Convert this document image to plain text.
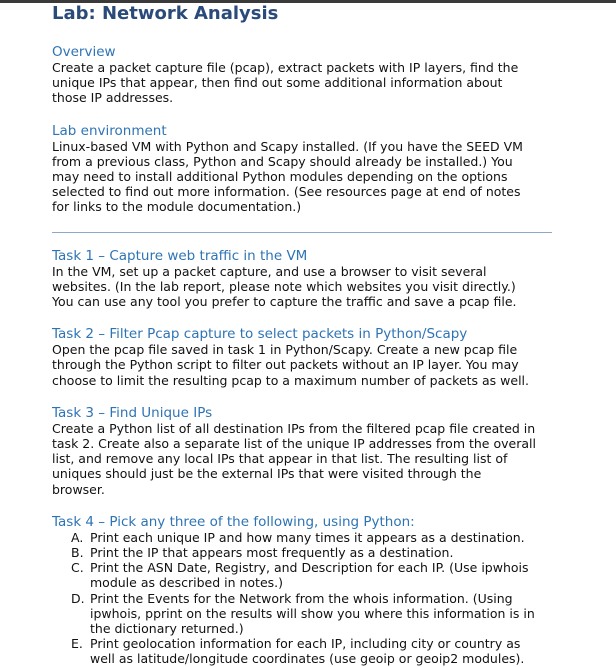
Lab: Network Analysis
Overview
Create a packet capture file (pcap), extract packets with IP layers, find the
unique IPs that appear, then find out some additional information about
those IP addresses.
Lab environment
Linux-based VM with Python and Scapy installed. (If you have the SEED VM
from a previous class, Python and Scapy should already be installed.) You
may need to install additional Python modules depending on the options
selected to find out more information. (See resources page at end of notes
for links to the module documentation.)
Task 1 – Capture web traffic in the VM
In the VM, set up a packet capture, and use a browser to visit several
websites. (In the lab report, please note which websites you visit directly.)
You can use any tool you prefer to capture the traffic and save a pcap file.
Task 2 – Filter Pcap capture to select packets in Python/Scapy
Open the pcap file saved in task 1 in Python/Scapy. Create a new pcap file
through the Python script to filter out packets without an IP layer. You may
choose to limit the resulting pcap to a maximum number of packets as well.
Task 3 – Find Unique IPs
Create a Python list of all destination IPs from the filtered pcap file created in
task 2. Create also a separate list of the unique IP addresses from the overall
list, and remove any local IPs that appear in that list. The resulting list of
uniques should just be the external IPs that were visited through the
browser.
Task 4 – Pick any three of the following, using Python:
A. Print each unique IP and how many times it appears as a destination.
B. Print the IP that appears most frequently as a destination.
C. Print the ASN Date, Registry, and Description for each IP. (Use ipwhois
module as described in notes.)
D. Print the Events for the Network from the whois information. (Using
ipwhois, pprint on the results will show you where this information is in
the dictionary returned.)
E. Print geolocation information for each IP, including city or country as
well as latitude/longitude coordinates (use geoip or geoip2 modules).
